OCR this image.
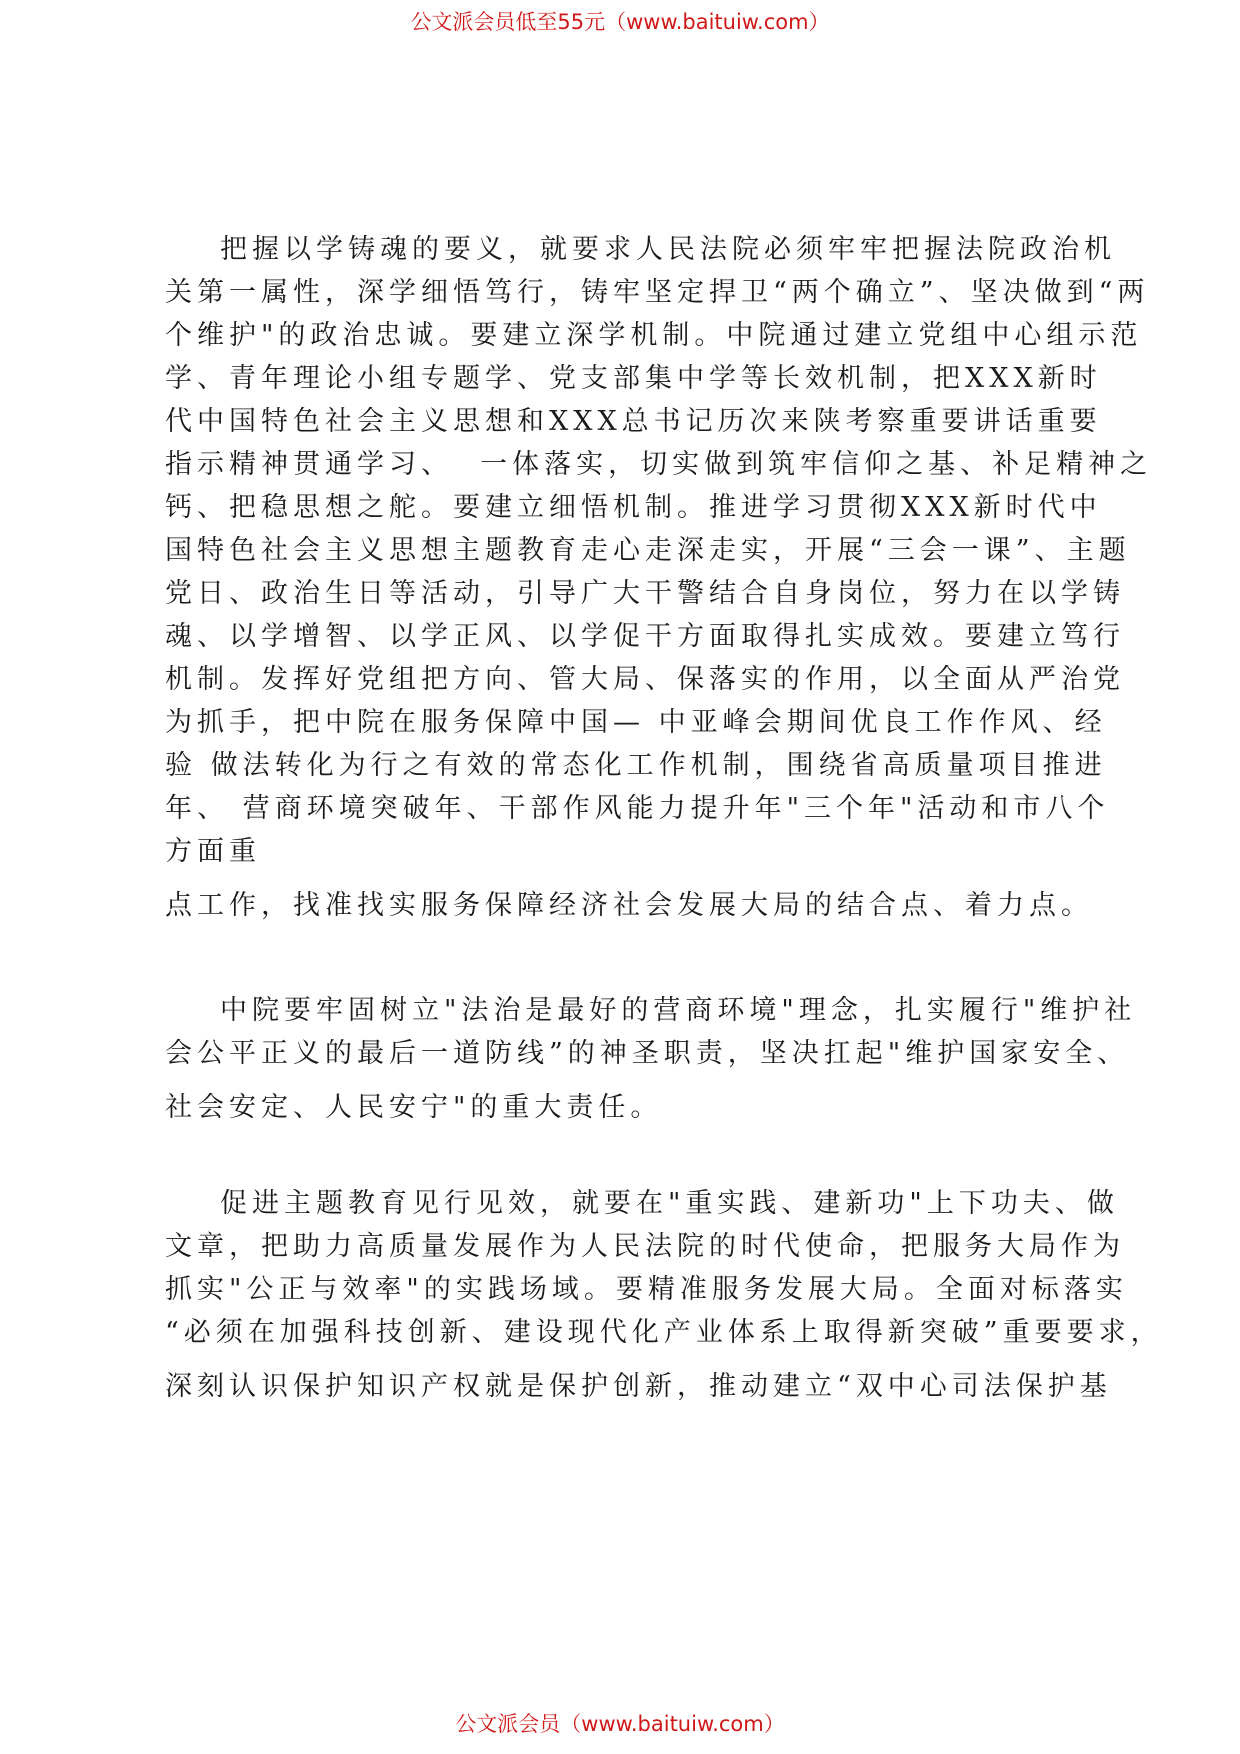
公文派会员低至55元（www.baituiw.com）
把握以学铸魂的要义，就要求人民法院必须牢牢把握法院政治机
关第一属性，深学细悟笃行，铸牢坚定捍卫“两个确立”、坚决做到“两
个维护"的政治忠诚。要建立深学机制。中院通过建立党组中心组示范
学、青年理论小组专题学、党支部集中学等长效机制，把XXX新时
代中国特色社会主义思想和XXX总书记历次来陕考察重要讲话重要
指示精神贯通学习、  一体落实，切实做到筑牢信仰之基、补足精神之
钙、把稳思想之舵。要建立细悟机制。推进学习贯彻XXX新时代中
国特色社会主义思想主题教育走心走深走实，开展“三会一课”、主题
党日、政治生日等活动，引导广大干警结合自身岗位，努力在以学铸
魂、以学增智、以学正风、以学促干方面取得扎实成效。要建立笃行
机制。发挥好党组把方向、管大局、保落实的作用，以全面从严治党
为抓手，把中院在服务保障中国— 中亚峰会期间优良工作作风、经
验 做法转化为行之有效的常态化工作机制，围绕省高质量项目推进
年、 营商环境突破年、干部作风能力提升年"三个年"活动和市八个
方面重
点工作，找准找实服务保障经济社会发展大局的结合点、着力点。
中院要牢固树立"法治是最好的营商环境"理念，扎实履行"维护社
会公平正义的最后一道防线”的神圣职责，坚决扛起"维护国家安全、
社会安定、人民安宁"的重大责任。
促进主题教育见行见效，就要在"重实践、建新功"上下功夫、做
文章，把助力高质量发展作为人民法院的时代使命，把服务大局作为
抓实"公正与效率"的实践场域。要精准服务发展大局。全面对标落实
“必须在加强科技创新、建设现代化产业体系上取得新突破”重要要求，
深刻认识保护知识产权就是保护创新，推动建立“双中心司法保护基
公文派会员（www.baituiw.com）
